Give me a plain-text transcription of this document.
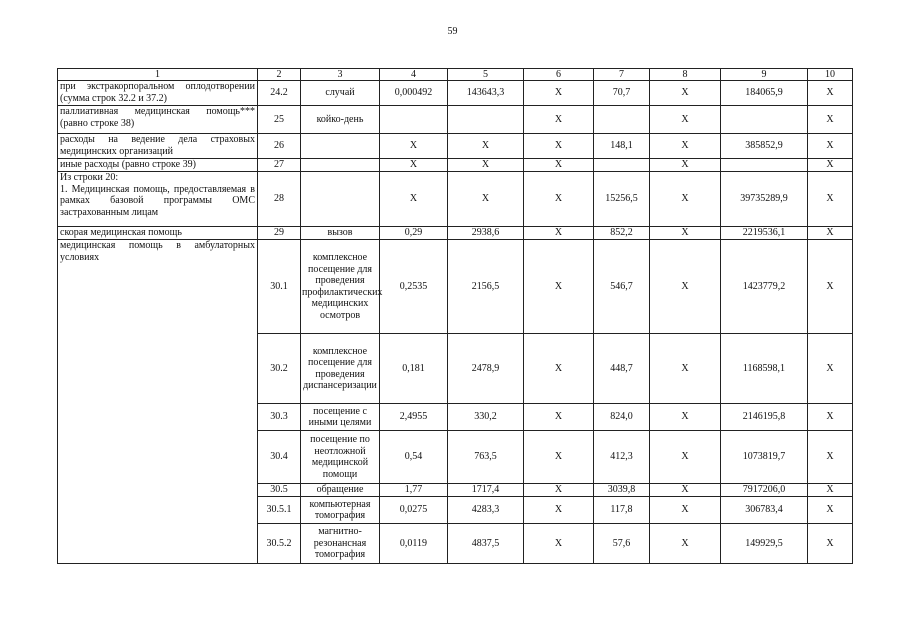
59
1	2	3	4	5	6	7	8	9	10
при экстракорпоральном оплодотворении (сумма строк 32.2 и 37.2)	24.2	случай	0,000492	143643,3	X	70,7	X	184065,9	X
паллиативная медицинская помощь*** (равно строке 38)	25	койко-день			X		X		X
расходы на ведение дела страховых медицинских организаций	26		X	X	X	148,1	X	385852,9	X
иные расходы (равно строке 39)	27		X	X	X		X		X

Из строки 20:
1. Медицинская помощь, предоставляемая в рамках базовой программы ОМС застрахованным лицам	28		X	X	X	15256,5	X	39735289,9	X
скорая медицинская помощь	29	вызов	0,29	2938,6	X	852,2	X	2219536,1	X
медицинская помощь в амбулаторных условиях	30.1	комплексное посещение для проведения профилактических медицинских осмотров	0,2535	2156,5	X	546,7	X	1423779,2	X
	30.2	комплексное посещение для проведения диспансеризации	0,181	2478,9	X	448,7	X	1168598,1	X
	30.3	посещение с иными целями	2,4955	330,2	X	824,0	X	2146195,8	X
	30.4	посещение по неотложной медицинской помощи	0,54	763,5	X	412,3	X	1073819,7	X
	30.5	обращение	1,77	1717,4	X	3039,8	X	7917206,0	X
	30.5.1	компьютерная томография	0,0275	4283,3	X	117,8	X	306783,4	X
	30.5.2	магнитно-резонансная томография	0,0119	4837,5	X	57,6	X	149929,5	X
